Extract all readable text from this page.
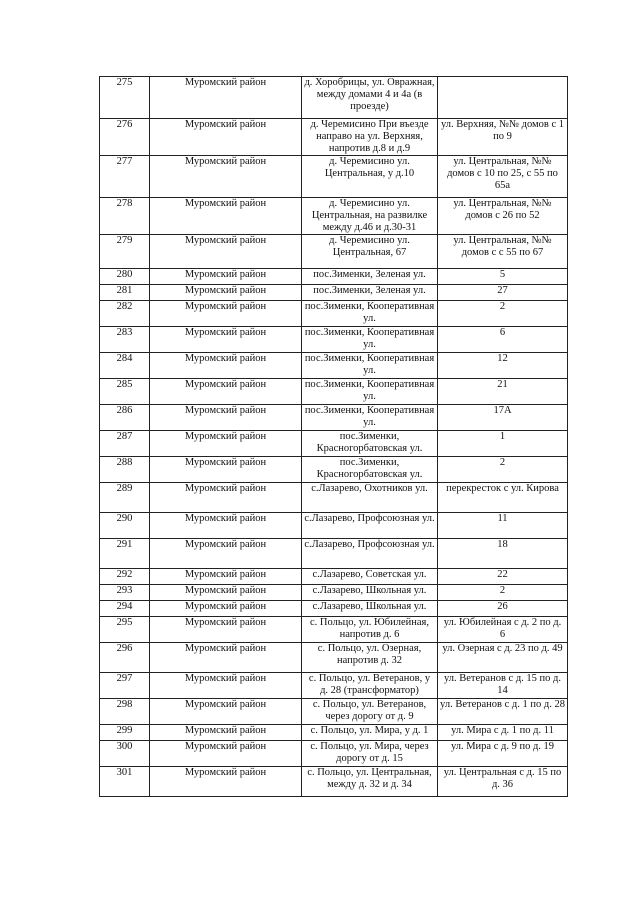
275	Муромский район	д. Хоробрицы, ул. Овражная, между домами 4 и 4а (в проезде)	
276	Муромский район	д. Черемисино При въезде направо на ул. Верхняя, напротив д.8 и д.9	ул. Верхняя, №№ домов с 1 по 9
277	Муромский район	д. Черемисино ул. Центральная, у д.10	ул. Центральная, №№ домов с 10 по 25, с 55 по 65а
278	Муромский район	д. Черемисино ул. Центральная, на развилке между д.46 и д.30-31	ул. Центральная, №№ домов с 26 по 52
279	Муромский район	д. Черемисино ул. Центральная, 67	ул. Центральная, №№ домов с с 55 по 67
280	Муромский район	пос.Зименки, Зеленая ул.	5
281	Муромский район	пос.Зименки, Зеленая ул.	27
282	Муромский район	пос.Зименки, Кооперативная ул.	2
283	Муромский район	пос.Зименки, Кооперативная ул.	6
284	Муромский район	пос.Зименки, Кооперативная ул.	12
285	Муромский район	пос.Зименки, Кооперативная ул.	21
286	Муромский район	пос.Зименки, Кооперативная ул.	17А
287	Муромский район	пос.Зименки, Красногорбатовская ул.	1
288	Муромский район	пос.Зименки, Красногорбатовская ул.	2
289	Муромский район	с.Лазарево, Охотников ул.	перекресток с ул. Кирова
290	Муромский район	с.Лазарево, Профсоюзная ул.	11
291	Муромский район	с.Лазарево, Профсоюзная ул.	18
292	Муромский район	с.Лазарево, Советская ул.	22
293	Муромский район	с.Лазарево, Школьная ул.	2
294	Муромский район	с.Лазарево, Школьная ул.	26
295	Муромский район	с. Польцо, ул. Юбилейная, напротив д. 6	ул. Юбилейная с д. 2 по д. 6
296	Муромский район	с. Польцо, ул. Озерная, напротив д. 32	ул. Озерная с д. 23 по д. 49
297	Муромский район	с. Польцо, ул. Ветеранов, у д. 28 (трансформатор)	ул. Ветеранов с д. 15 по д. 14
298	Муромский район	с. Польцо, ул. Ветеранов, через дорогу от д. 9	ул. Ветеранов с д. 1 по д. 28
299	Муромский район	с. Польцо, ул. Мира, у д. 1	ул. Мира с д. 1 по д. 11
300	Муромский район	с. Польцо, ул. Мира, через дорогу от д. 15	ул. Мира с д. 9 по д. 19
301	Муромский район	с. Польцо, ул. Центральная, между д. 32 и д. 34	ул. Центральная с д. 15 по д. 36
